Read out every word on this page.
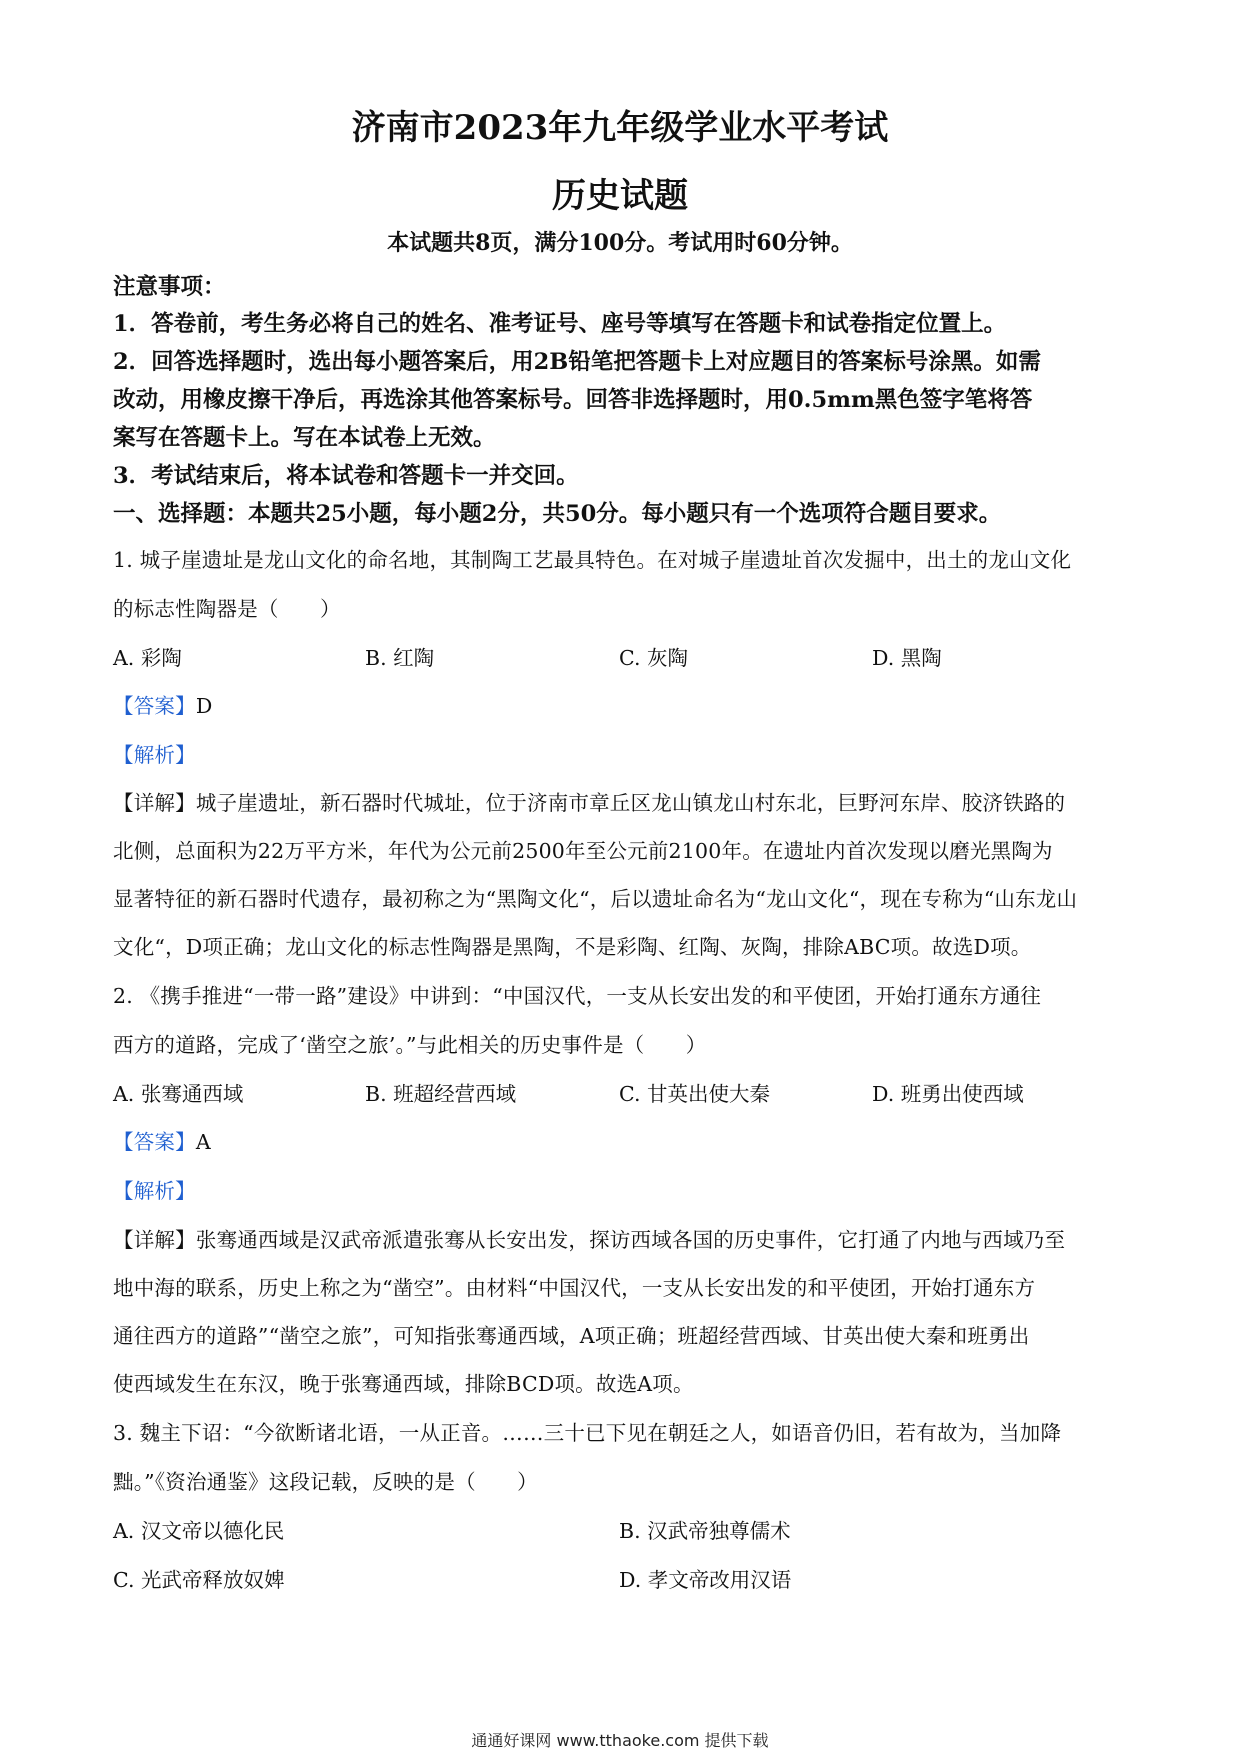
济南市2023年九年级学业水平考试
历史试题
本试题共8页，满分100分。考试用时60分钟。
注意事项：
1．答卷前，考生务必将自己的姓名、准考证号、座号等填写在答题卡和试卷指定位置上。
2．回答选择题时，选出每小题答案后，用2B铅笔把答题卡上对应题目的答案标号涂黑。如需
改动，用橡皮擦干净后，再选涂其他答案标号。回答非选择题时，用0.5mm黑色签字笔将答
案写在答题卡上。写在本试卷上无效。
3．考试结束后，将本试卷和答题卡一并交回。
一、选择题：本题共25小题，每小题2分，共50分。每小题只有一个选项符合题目要求。
1. 城子崖遗址是龙山文化的命名地，其制陶工艺最具特色。在对城子崖遗址首次发掘中，出土的龙山文化
的标志性陶器是（　　）
A. 彩陶	B. 红陶	C. 灰陶	D. 黑陶
【答案】D
【解析】
【详解】城子崖遗址，新石器时代城址，位于济南市章丘区龙山镇龙山村东北，巨野河东岸、胶济铁路的
北侧，总面积为22万平方米，年代为公元前2500年至公元前2100年。在遗址内首次发现以磨光黑陶为
显著特征的新石器时代遗存，最初称之为“黑陶文化“，后以遗址命名为“龙山文化“，现在专称为“山东龙山
文化“，D项正确；龙山文化的标志性陶器是黑陶，不是彩陶、红陶、灰陶，排除ABC项。故选D项。
2. 《携手推进“一带一路”建设》中讲到：“中国汉代，一支从长安出发的和平使团，开始打通东方通往
西方的道路，完成了‘凿空之旅’。”与此相关的历史事件是（　　）
A. 张骞通西域	B. 班超经营西域	C. 甘英出使大秦	D. 班勇出使西域
【答案】A
【解析】
【详解】张骞通西域是汉武帝派遣张骞从长安出发，探访西域各国的历史事件，它打通了内地与西域乃至
地中海的联系，历史上称之为“凿空”。由材料“中国汉代，一支从长安出发的和平使团，开始打通东方
通往西方的道路”“凿空之旅”，可知指张骞通西域，A项正确；班超经营西域、甘英出使大秦和班勇出
使西域发生在东汉，晚于张骞通西域，排除BCD项。故选A项。
3. 魏主下诏：“今欲断诸北语，一从正音。……三十已下见在朝廷之人，如语音仍旧，若有故为，当加降
黜。”《资治通鉴》这段记载，反映的是（　　）
A. 汉文帝以德化民	B. 汉武帝独尊儒术
C. 光武帝释放奴婢	D. 孝文帝改用汉语
通通好课网 www.tthaoke.com 提供下载
